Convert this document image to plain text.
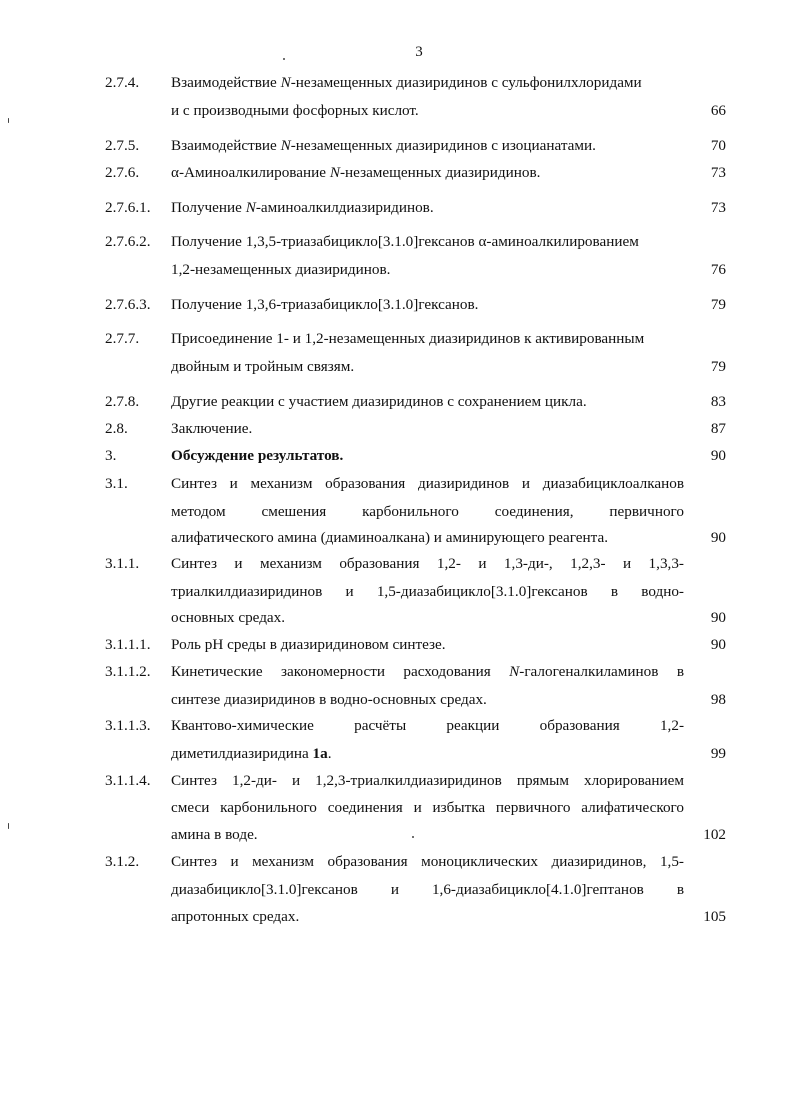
3
2.7.4. Взаимодействие N-незамещенных диазиридинов с сульфонилхлоридами
и с производными фосфорных кислот.	66
2.7.5. Взаимодействие N-незамещенных диазиридинов с изоцианатами.	70
2.7.6. α-Аминоалкилирование N-незамещенных диазиридинов.	73
2.7.6.1. Получение N-аминоалкилдиазиридинов.	73
2.7.6.2. Получение 1,3,5-триазабицикло[3.1.0]гексанов α-аминоалкилированием
1,2-незамещенных диазиридинов.	76
2.7.6.3. Получение 1,3,6-триазабицикло[3.1.0]гексанов.	79
2.7.7. Присоединение 1- и 1,2-незамещенных диазиридинов к активированным
двойным и тройным связям.	79
2.7.8. Другие реакции с участием диазиридинов с сохранением цикла.	83
2.8.	Заключение.	87
3.	Обсуждение результатов.	90
3.1.	Синтез и механизм образования диазиридинов и диазабициклоалканов
методом смешения карбонильного соединения, первичного
алифатического амина (диаминоалкана) и аминирующего реагента.	90
3.1.1. Синтез и механизм образования 1,2- и 1,3-ди-, 1,2,3- и 1,3,3-
триалкилдиазиридинов и 1,5-диазабицикло[3.1.0]гексанов в водно-
основных средах.	90
3.1.1.1. Роль pH среды в диазиридиновом синтезе.	90
3.1.1.2. Кинетические закономерности расходования N-галогеналкиламинов в
синтезе диазиридинов в водно-основных средах.	98
3.1.1.3. Квантово-химические расчёты реакции образования 1,2-
диметилдиазиридина 1а.	99
3.1.1.4. Синтез 1,2-ди- и 1,2,3-триалкилдиазиридинов прямым хлорированием
смеси карбонильного соединения и избытка первичного алифатического
амина в воде.	102
3.1.2. Синтез и механизм образования моноциклических диазиридинов, 1,5-
диазабицикло[3.1.0]гексанов и 1,6-диазабицикло[4.1.0]гептанов в
апротонных средах.	105
